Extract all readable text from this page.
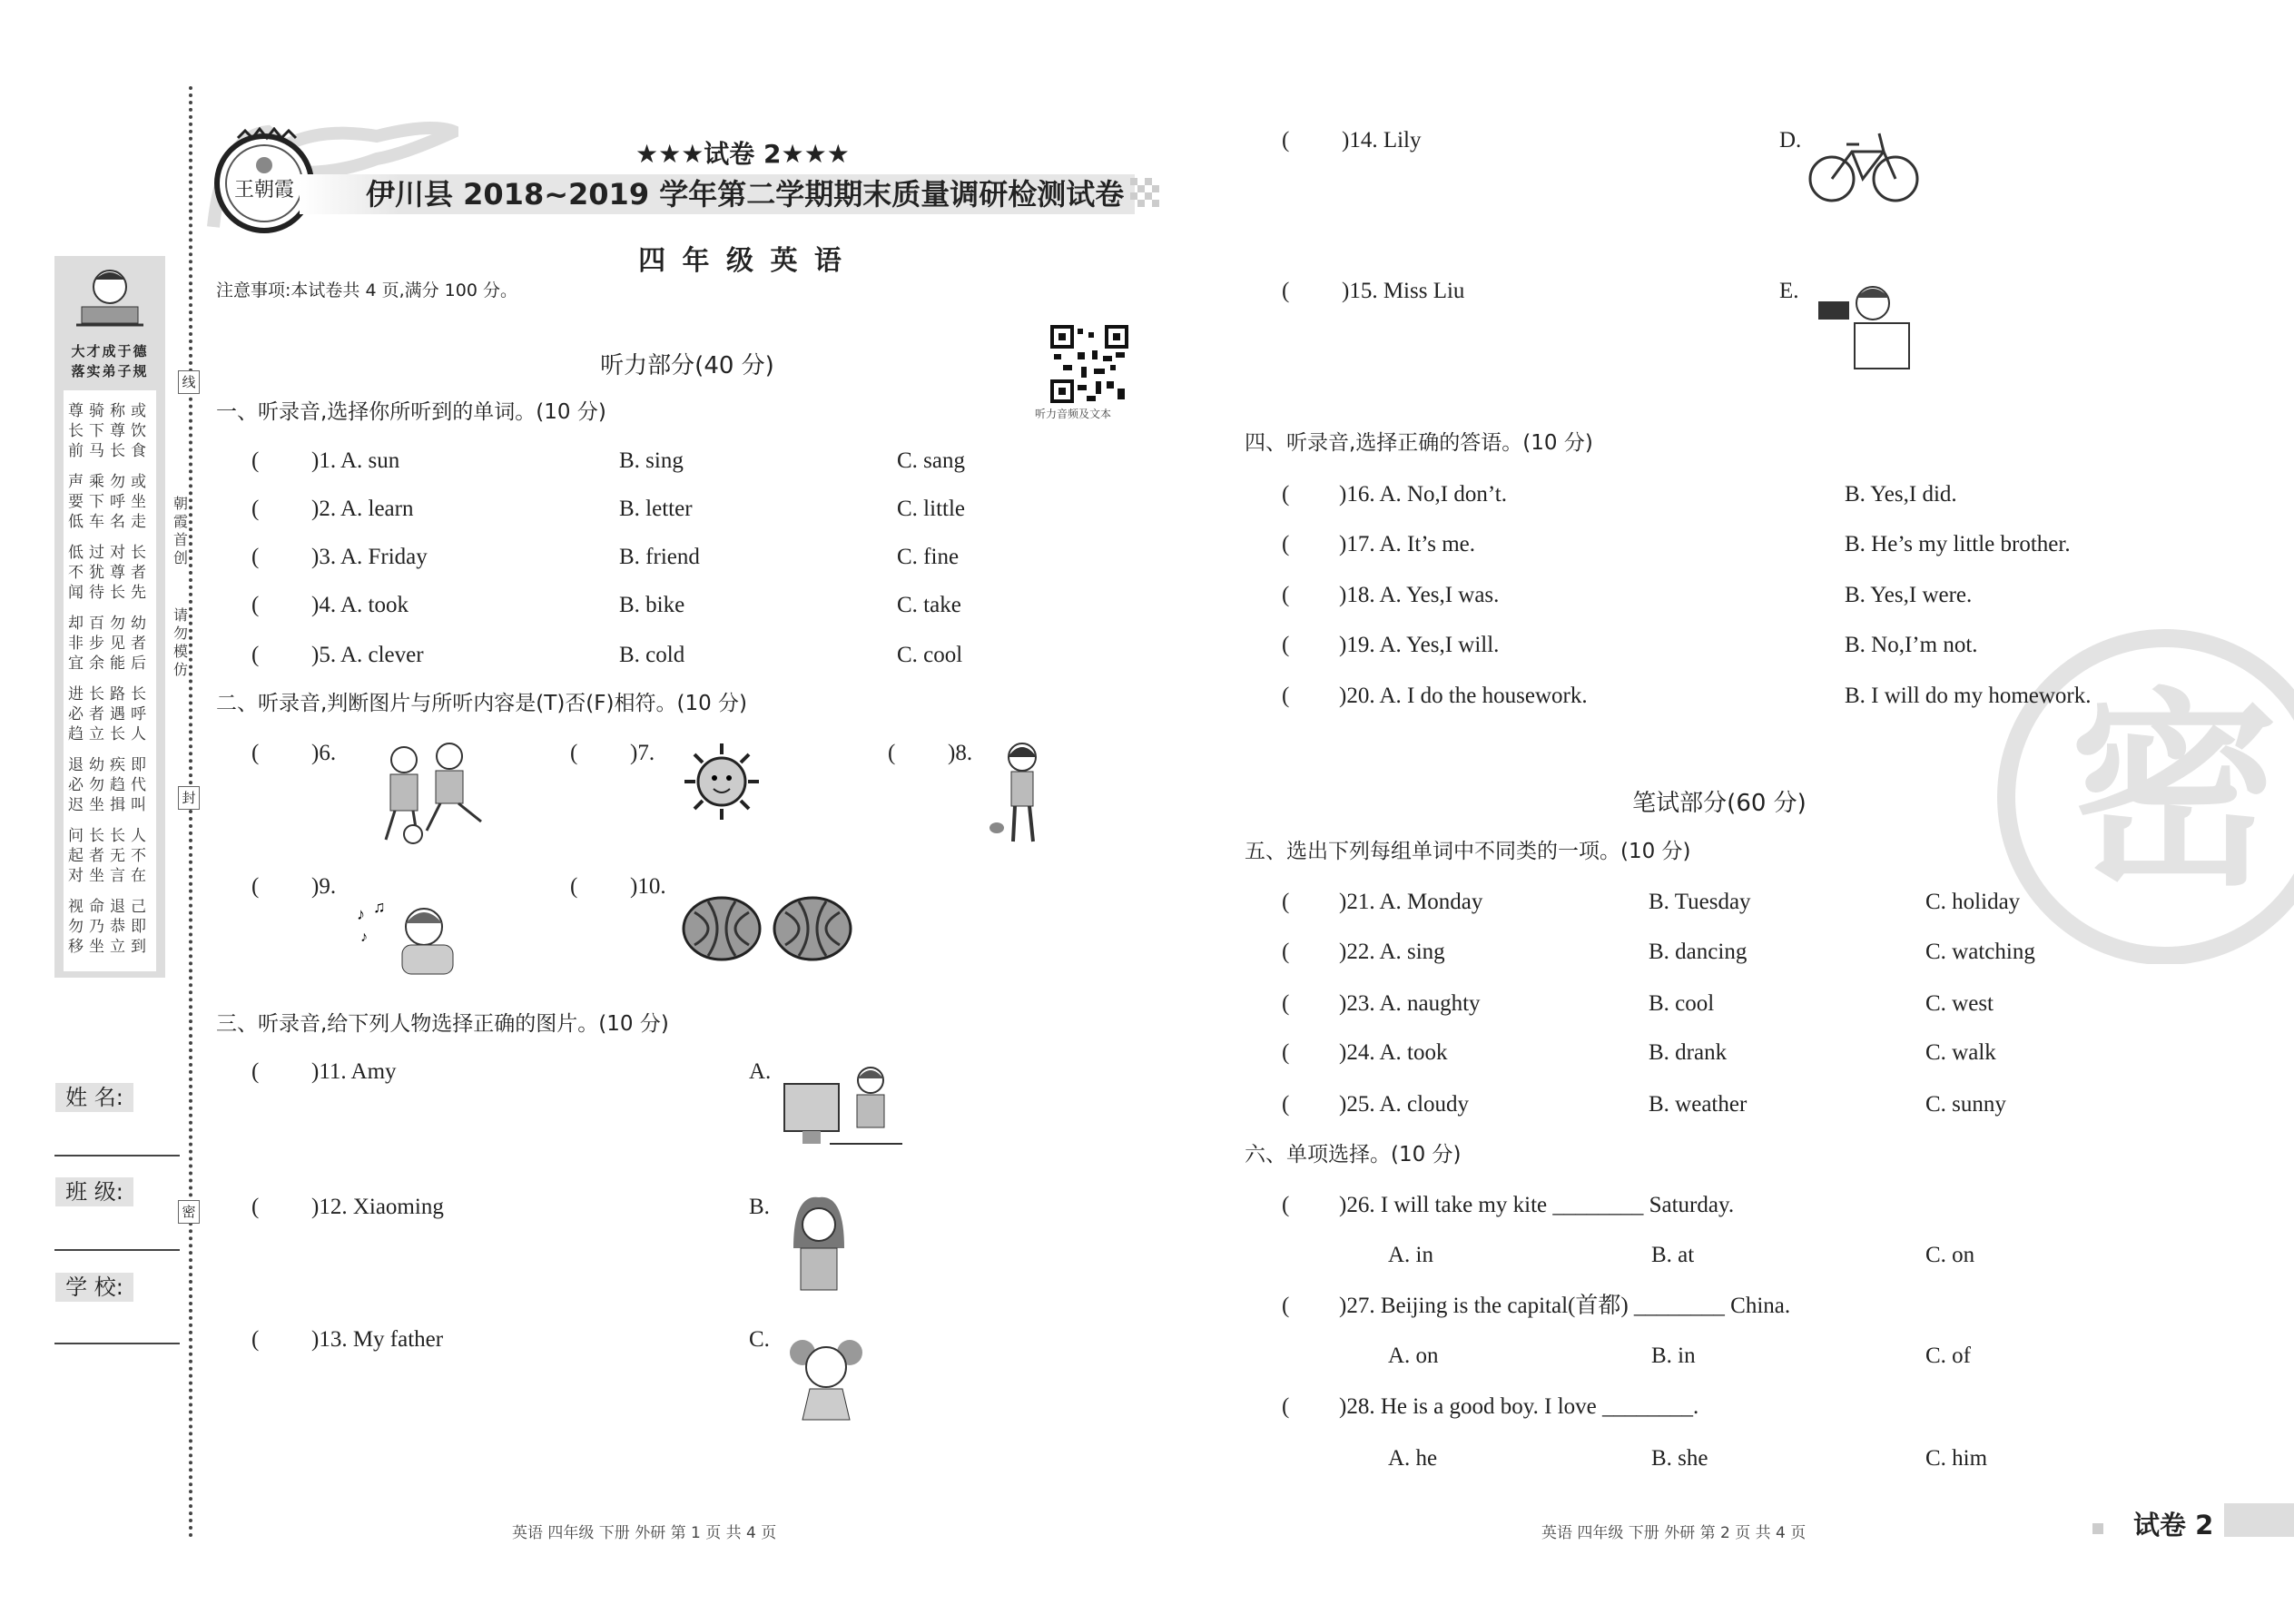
线
封
密
朝霞首创
请勿模仿
大才成于德
落实弟子规
尊骑称或
长下尊饮
前马长食
声乘勿或
要下呼坐
低车名走
低过对长
不犹尊者
闻待长先
却百勿幼
非步见者
宜余能后
进长路长
必者遇呼
趋立长人
退幼疾即
必勿趋代
迟坐揖叫
问长长人
起者无不
对坐言在
视命退己
勿乃恭即
移坐立到
姓 名:
班 级:
学 校:
王朝霞
★★★试卷 2★★★
伊川县 2018~2019 学年第二学期期末质量调研检测试卷
四 年 级 英 语
注意事项:本试卷共 4 页,满分 100 分。
听力音频及文本
听力部分(40 分)
一、听录音,选择你所听到的单词。(10 分)
二、听录音,判断图片与所听内容是(T)否(F)相符。(10 分)
♪ ♫
♪
三、听录音,给下列人物选择正确的图片。(10 分)
四、听录音,选择正确的答语。(10 分)
密
笔试部分(60 分)
五、选出下列每组单词中不同类的一项。(10 分)
六、单项选择。(10 分)
英语 四年级 下册 外研 第 1 页 共 4 页	英语 四年级 下册 外研 第 2 页 共 4 页	试卷 2
( )1. A. sun	B. sing	C. sang
( )2. A. learn	B. letter	C. little
( )3. A. Friday	B. friend	C. fine
( )4. A. took	B. bike	C. take
( )5. A. clever	B. cold	C. cool
( )6.	( )7.	( )8.
( )9.	( )10.
( )11. Amy	A.
( )12. Xiaoming	B.
( )13. My father	C.
( )14. Lily	D.
( )15. Miss Liu	E.
( )16. A. No,I don’t.	B. Yes,I did.
( )17. A. It’s me.	B. He’s my little brother.
( )18. A. Yes,I was.	B. Yes,I were.
( )19. A. Yes,I will.	B. No,I’m not.
( )20. A. I do the housework.	B. I will do my homework.
( )21. A. Monday	B. Tuesday	C. holiday
( )22. A. sing	B. dancing	C. watching
( )23. A. naughty	B. cool	C. west
( )24. A. took	B. drank	C. walk
( )25. A. cloudy	B. weather	C. sunny
( )26. I will take my kite ________ Saturday.
A. in	B. at	C. on
( )27. Beijing is the capital(首都) ________ China.
A. on	B. in	C. of
( )28. He is a good boy. I love ________.
A. he	B. she	C. him
